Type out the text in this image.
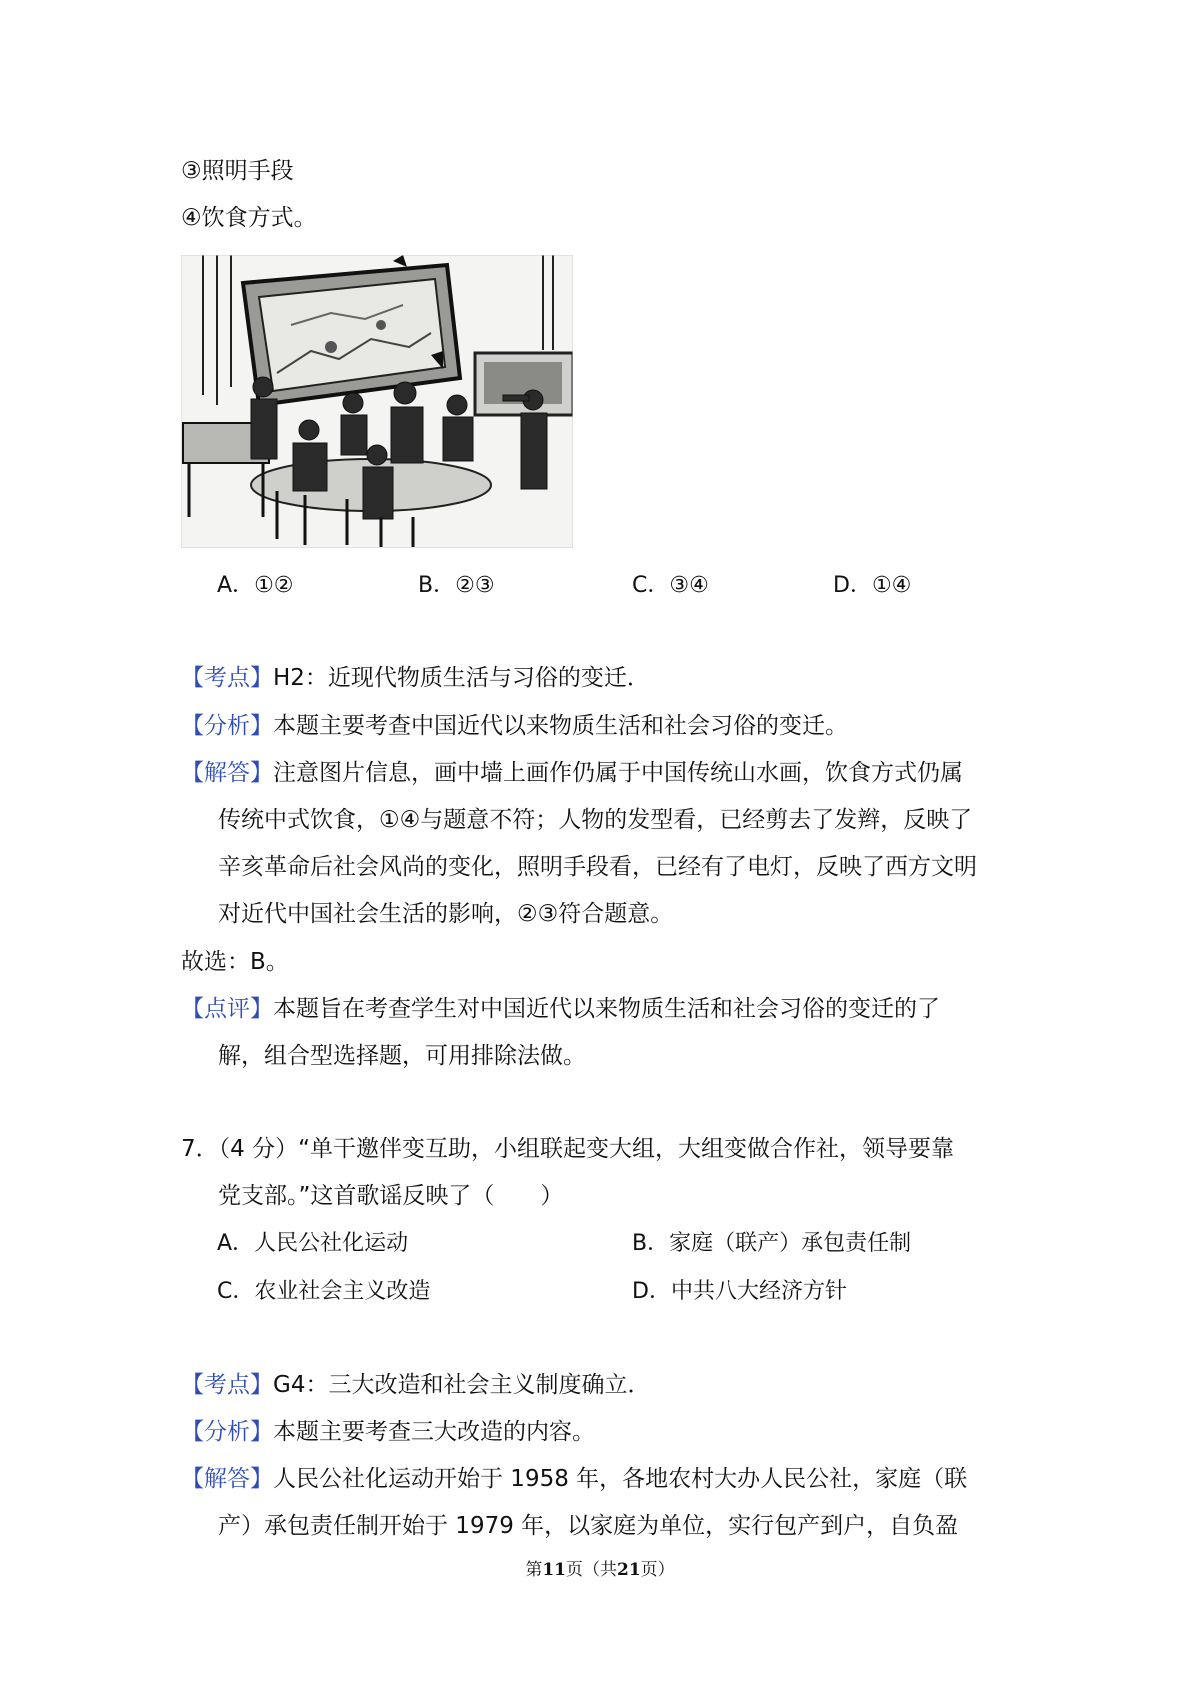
③照明手段
④饮食方式。
A．①②	B．②③	C．③④	D．①④
【考点】H2：近现代物质生活与习俗的变迁．
【分析】本题主要考查中国近代以来物质生活和社会习俗的变迁。
【解答】注意图片信息，画中墙上画作仍属于中国传统山水画，饮食方式仍属
传统中式饮食，①④与题意不符；人物的发型看，已经剪去了发辫，反映了
辛亥革命后社会风尚的变化，照明手段看，已经有了电灯，反映了西方文明
对近代中国社会生活的影响，②③符合题意。
故选：B。
【点评】本题旨在考查学生对中国近代以来物质生活和社会习俗的变迁的了
解，组合型选择题，可用排除法做。
7．（4 分）“单干邀伴变互助，小组联起变大组，大组变做合作社，领导要靠
党支部。”这首歌谣反映了（　　）
A．人民公社化运动	B．家庭（联产）承包责任制
C．农业社会主义改造	D．中共八大经济方针
【考点】G4：三大改造和社会主义制度确立．
【分析】本题主要考查三大改造的内容。
【解答】人民公社化运动开始于 1958 年，各地农村大办人民公社，家庭（联
产）承包责任制开始于 1979 年，以家庭为单位，实行包产到户，自负盈
第11页（共21页）
